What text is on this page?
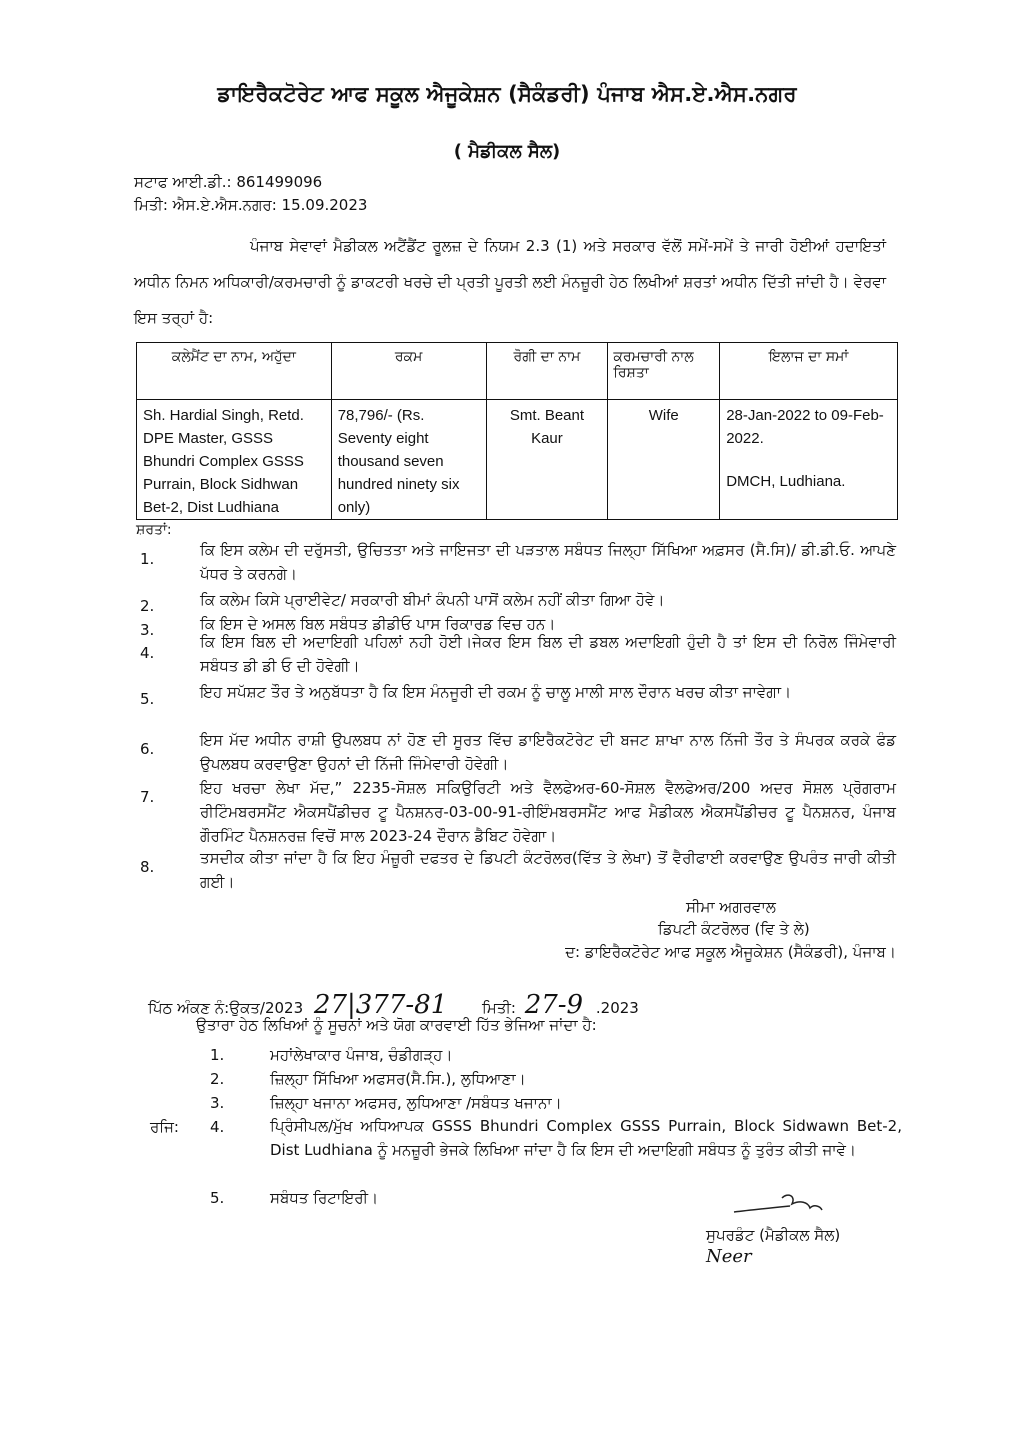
ਡਾਇਰੈਕਟੋਰੇਟ ਆਫ ਸਕੂਲ ਐਜੂਕੇਸ਼ਨ (ਸੈਕੰਡਰੀ) ਪੰਜਾਬ ਐਸ.ਏ.ਐਸ.ਨਗਰ
( ਮੈਡੀਕਲ ਸੈਲ)
ਸਟਾਫ ਆਈ.ਡੀ.: 861499096
ਮਿਤੀ: ਐਸ.ਏ.ਐਸ.ਨਗਰ: 15.09.2023
ਪੰਜਾਬ ਸੇਵਾਵਾਂ ਮੈਡੀਕਲ ਅਟੈਂਡੈਂਟ ਰੂਲਜ਼ ਦੇ ਨਿਯਮ 2.3 (1) ਅਤੇ ਸਰਕਾਰ ਵੱਲੋਂ ਸਮੇਂ-ਸਮੇਂ ਤੇ ਜਾਰੀ ਹੋਈਆਂ ਹਦਾਇਤਾਂ ਅਧੀਨ ਨਿਮਨ ਅਧਿਕਾਰੀ/ਕਰਮਚਾਰੀ ਨੂੰ ਡਾਕਟਰੀ ਖਰਚੇ ਦੀ ਪ੍ਰਤੀ ਪੂਰਤੀ ਲਈ ਮੰਨਜ਼ੂਰੀ ਹੇਠ ਲਿਖੀਆਂ ਸ਼ਰਤਾਂ ਅਧੀਨ ਦਿੱਤੀ ਜਾਂਦੀ ਹੈ। ਵੇਰਵਾ ਇਸ ਤਰ੍ਹਾਂ ਹੈ:
ਕਲੇਮੈਂਟ ਦਾ ਨਾਮ, ਅਹੁੱਦਾ	ਰਕਮ	ਰੋਗੀ ਦਾ ਨਾਮ	ਕਰਮਚਾਰੀ ਨਾਲ ਰਿਸ਼ਤਾ	ਇਲਾਜ ਦਾ ਸਮਾਂ
Sh. Hardial Singh, Retd. DPE Master, GSSS Bhundri Complex GSSS Purrain, Block Sidhwan Bet-2, Dist Ludhiana	78,796/- (Rs. Seventy eight thousand seven hundred ninety six only)	Smt. Beant Kaur	Wife	28-Jan-2022 to 09-Feb-2022.
DMCH, Ludhiana.
ਸ਼ਰਤਾਂ:
1.	ਕਿ ਇਸ ਕਲੇਮ ਦੀ ਦਰੁੱਸਤੀ, ਉਚਿਤਤਾ ਅਤੇ ਜਾਇਜਤਾ ਦੀ ਪੜਤਾਲ ਸਬੰਧਤ ਜਿਲ੍ਹਾ ਸਿੱਖਿਆ ਅਫ਼ਸਰ (ਸੈ.ਸਿ)/ ਡੀ.ਡੀ.ਓ. ਆਪਣੇ ਪੱਧਰ ਤੇ ਕਰਨਗੇ।
2.	ਕਿ ਕਲੇਮ ਕਿਸੇ ਪ੍ਰਾਈਵੇਟ/ ਸਰਕਾਰੀ ਬੀਮਾਂ ਕੰਪਨੀ ਪਾਸੋਂ ਕਲੇਮ ਨਹੀਂ ਕੀਤਾ ਗਿਆ ਹੋਵੇ।
3.	ਕਿ ਇਸ ਦੇ ਅਸਲ ਬਿਲ ਸਬੰਧਤ ਡੀਡੀਓ ਪਾਸ ਰਿਕਾਰਡ ਵਿਚ ਹਨ।
4.
ਕਿ ਇਸ ਬਿਲ ਦੀ ਅਦਾਇਗੀ ਪਹਿਲਾਂ ਨਹੀ ਹੋਈ।ਜੇਕਰ ਇਸ ਬਿਲ ਦੀ ਡਬਲ ਅਦਾਇਗੀ ਹੁੰਦੀ ਹੈ ਤਾਂ ਇਸ ਦੀ ਨਿਰੋਲ ਜਿੰਮੇਵਾਰੀ ਸਬੰਧਤ ਡੀ ਡੀ ਓ ਦੀ ਹੋਵੇਗੀ।
5.	ਇਹ ਸਪੱਸ਼ਟ ਤੌਰ ਤੇ ਅਨੁਬੱਧਤਾ ਹੈ ਕਿ ਇਸ ਮੰਨਜੂਰੀ ਦੀ ਰਕਮ ਨੂੰ ਚਾਲੂ ਮਾਲੀ ਸਾਲ ਦੌਰਾਨ ਖਰਚ ਕੀਤਾ ਜਾਵੇਗਾ।
6.	ਇਸ ਮੱਦ ਅਧੀਨ ਰਾਸ਼ੀ ਉਪਲਬਧ ਨਾਂ ਹੋਣ ਦੀ ਸੂਰਤ ਵਿੱਚ ਡਾਇਰੈਕਟੋਰੇਟ ਦੀ ਬਜਟ ਸ਼ਾਖਾ ਨਾਲ ਨਿੱਜੀ ਤੌਰ ਤੇ ਸੰਪਰਕ ਕਰਕੇ ਫੰਡ ਉਪਲਬਧ ਕਰਵਾਉਣਾ ਉਹਨਾਂ ਦੀ ਨਿੱਜੀ ਜਿੰਮੇਵਾਰੀ ਹੋਵੇਗੀ।
7.	ਇਹ ਖਰਚਾ ਲੇਖਾ ਮੱਦ,” 2235-ਸੋਸ਼ਲ ਸਕਿਉਰਿਟੀ ਅਤੇ ਵੈਲਫੇਅਰ-60-ਸੋਸ਼ਲ ਵੈਲਫੇਅਰ/200 ਅਦਰ ਸੋਸ਼ਲ ਪ੍ਰੋਗਰਾਮ ਰੀਟਿੰਮਬਰਸਮੈਂਟ ਐਕਸਪੈਂਡੀਚਰ ਟੂ ਪੈਨਸ਼ਨਰ-03-00-91-ਰੀਇੰਮਬਰਸਮੈਂਟ ਆਫ ਮੈਡੀਕਲ ਐਕਸਪੈਂਡੀਚਰ ਟੂ ਪੈਨਸ਼ਨਰ, ਪੰਜਾਬ ਗੌਰਮਿੰਟ ਪੈਨਸ਼ਨਰਜ਼ ਵਿਚੋਂ ਸਾਲ 2023-24 ਦੌਰਾਨ ਡੈਬਿਟ ਹੋਵੇਗਾ।
8.	ਤਸਦੀਕ ਕੀਤਾ ਜਾਂਦਾ ਹੈ ਕਿ ਇਹ ਮੰਜ਼ੂਰੀ ਦਫਤਰ ਦੇ ਡਿਪਟੀ ਕੰਟਰੋਲਰ(ਵਿੱਤ ਤੇ ਲੇਖਾ) ਤੋਂ ਵੈਰੀਫਾਈ ਕਰਵਾਉਣ ਉਪਰੰਤ ਜਾਰੀ ਕੀਤੀ ਗਈ।
ਸੀਮਾ ਅਗਰਵਾਲ
ਡਿਪਟੀ ਕੰਟਰੋਲਰ (ਵਿ ਤੇ ਲੇ)
ਦ: ਡਾਇਰੈਕਟੋਰੇਟ ਆਫ ਸਕੂਲ ਐਜੂਕੇਸ਼ਨ (ਸੈਕੰਡਰੀ), ਪੰਜਾਬ।
ਪਿੱਠ ਅੰਕਣ ਨੰ:ਉਕਤ/2023 27|377-81 ਮਿਤੀ: 27-9 .2023
ਉਤਾਰਾ ਹੇਠ ਲਿਖਿਆਂ ਨੂੰ ਸੂਚਨਾਂ ਅਤੇ ਯੋਗ ਕਾਰਵਾਈ ਹਿੱਤ ਭੇਜਿਆ ਜਾਂਦਾ ਹੈ:
1.	ਮਹਾਂਲੇਖਾਕਾਰ ਪੰਜਾਬ, ਚੰਡੀਗੜ੍ਹ।
2.	ਜ਼ਿਲ੍ਹਾ ਸਿੱਖਿਆ ਅਫਸਰ(ਸੈ.ਸਿ.), ਲੁਧਿਆਣਾ।
3.	ਜ਼ਿਲ੍ਹਾ ਖਜਾਨਾ ਅਫਸਰ, ਲੁਧਿਆਣਾ /ਸਬੰਧਤ ਖਜਾਨਾ।
ਰਜਿ: 4.	ਪ੍ਰਿੰਸੀਪਲ/ਮੁੱਖ ਅਧਿਆਪਕ GSSS Bhundri Complex GSSS Purrain, Block Sidwawn Bet-2, Dist Ludhiana ਨੂੰ ਮਨਜ਼ੂਰੀ ਭੇਜਕੇ ਲਿਖਿਆ ਜਾਂਦਾ ਹੈ ਕਿ ਇਸ ਦੀ ਅਦਾਇਗੀ ਸਬੰਧਤ ਨੂੰ ਤੁਰੰਤ ਕੀਤੀ ਜਾਵੇ।
5.	ਸਬੰਧਤ ਰਿਟਾਇਰੀ।
ਸੁਪਰਡੰਟ (ਮੈਡੀਕਲ ਸੈਲ)
Neer
